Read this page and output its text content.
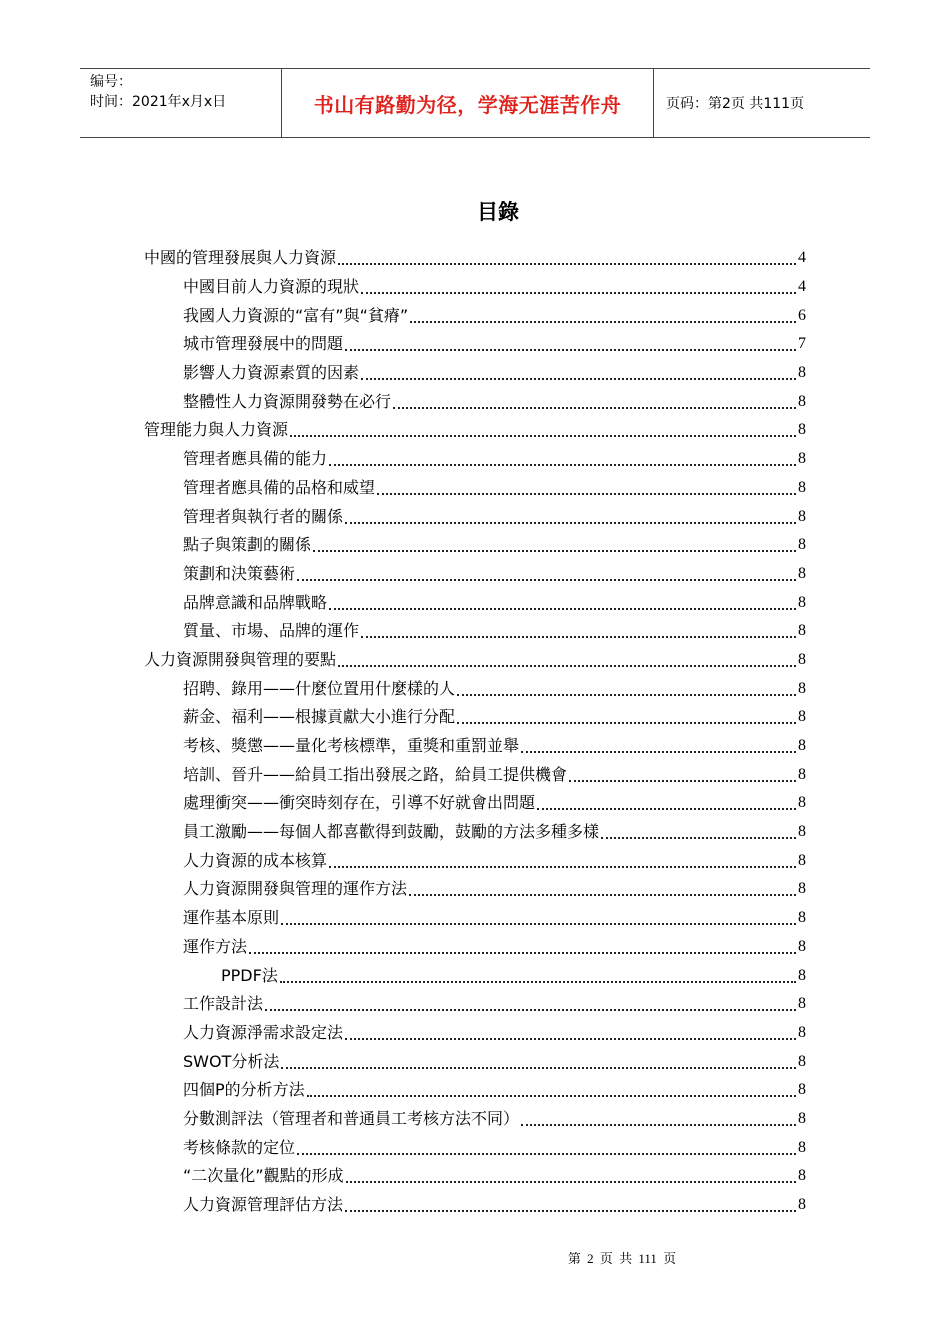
编号：
时间：2021年x月x日	书山有路勤为径，学海无涯苦作舟	页码：第2页 共111页
目錄
中國的管理發展與人力資源	4
中國目前人力資源的現狀	4
我國人力資源的“富有”與“貧瘠”	6
城市管理發展中的問題	7
影響人力資源素質的因素	8
整體性人力資源開發勢在必行	8
管理能力與人力資源	8
管理者應具備的能力	8
管理者應具備的品格和威望	8
管理者與執行者的關係	8
點子與策劃的關係	8
策劃和決策藝術	8
品牌意識和品牌戰略	8
質量、市場、品牌的運作	8
人力資源開發與管理的要點	8
招聘、錄用——什麼位置用什麼樣的人	8
薪金、福利——根據貢獻大小進行分配	8
考核、獎懲——量化考核標準，重獎和重罰並舉	8
培訓、晉升——給員工指出發展之路，給員工提供機會	8
處理衝突——衝突時刻存在，引導不好就會出問題	8
員工激勵——每個人都喜歡得到鼓勵，鼓勵的方法多種多樣	8
人力資源的成本核算	8
人力資源開發與管理的運作方法	8
運作基本原則	8
運作方法	8
PPDF法	8
工作設計法	8
人力資源淨需求設定法	8
SWOT分析法	8
四個P的分析方法	8
分數測評法（管理者和普通員工考核方法不同）	8
考核條款的定位	8
“二次量化”觀點的形成	8
人力資源管理評估方法	8
第 2 页 共 111 页
